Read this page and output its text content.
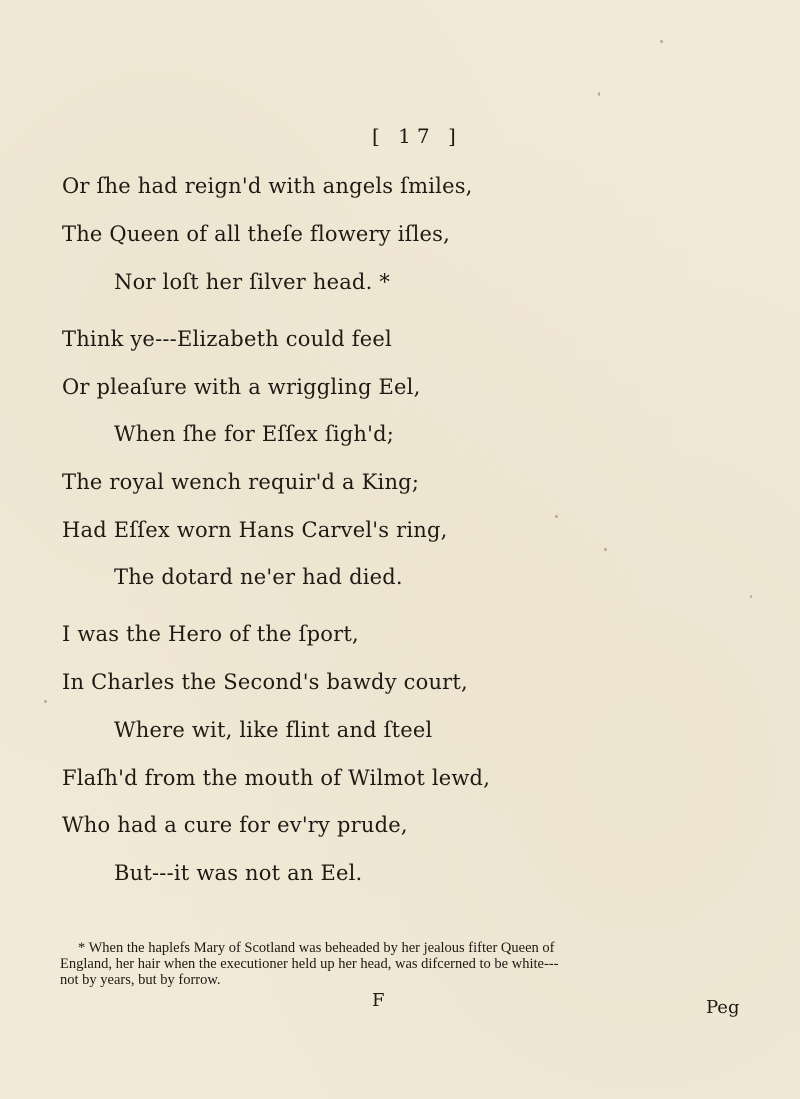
[ 17 ]
Or ſhe had reign'd with angels ſmiles,
The Queen of all theſe flowery iſles,
Nor loſt her ſilver head. *
Think ye---Elizabeth could feel
Or pleaſure with a wriggling Eel,
When ſhe for Eſſex ſigh'd;
The royal wench requir'd a King;
Had Eſſex worn Hans Carvel's ring,
The dotard ne'er had died.
I was the Hero of the ſport,
In Charles the Second's bawdy court,
Where wit, like flint and ſteel
Flaſh'd from the mouth of Wilmot lewd,
Who had a cure for ev'ry prude,
But---it was not an Eel.
* When the haplefs Mary of Scotland was beheaded by her jealous fifter Queen of
England, her hair when the executioner held up her head, was difcerned to be white---
not by years, but by forrow.
F	Peg
